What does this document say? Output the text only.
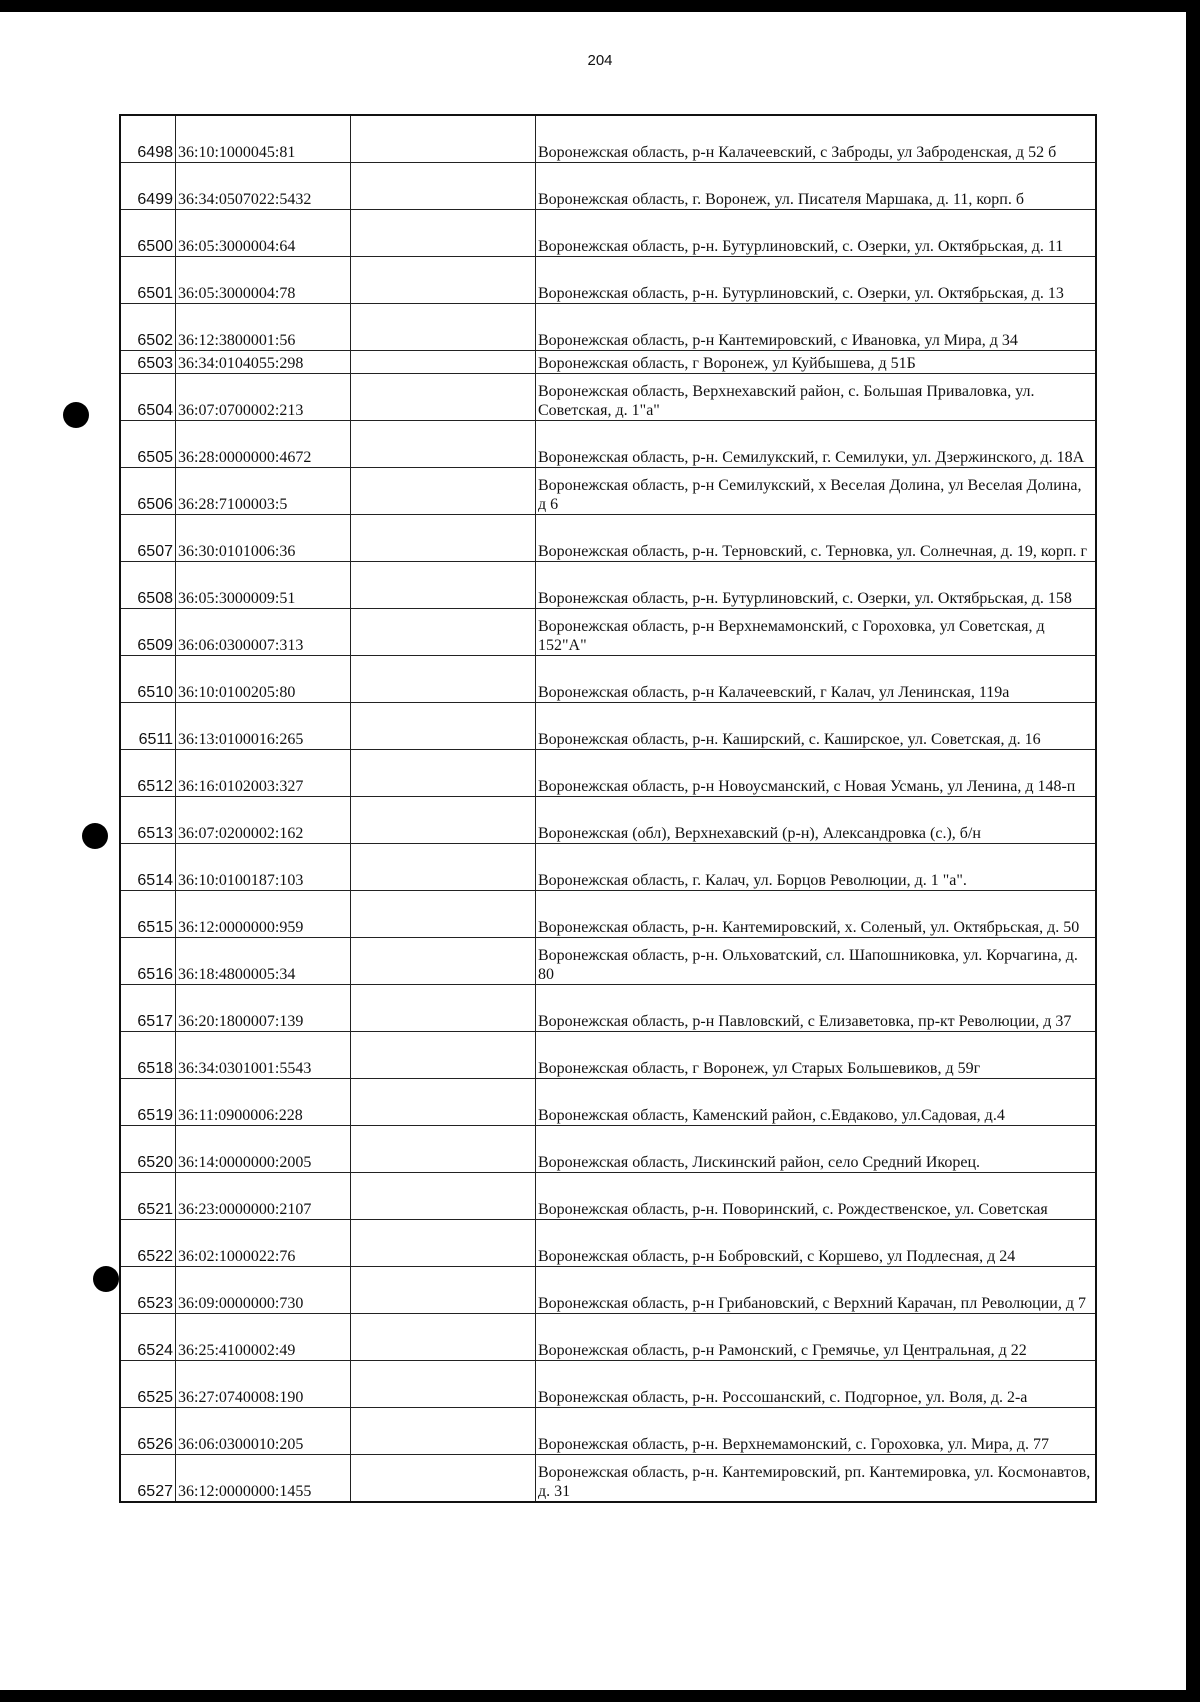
204
6498	36:10:1000045:81		Воронежская область, р-н Калачеевский, с Заброды, ул Заброденская, д 52 б
6499	36:34:0507022:5432		Воронежская область, г. Воронеж, ул. Писателя Маршака, д. 11, корп. б
6500	36:05:3000004:64		Воронежская область, р-н. Бутурлиновский, с. Озерки, ул. Октябрьская, д. 11
6501	36:05:3000004:78		Воронежская область, р-н. Бутурлиновский, с. Озерки, ул. Октябрьская, д. 13
6502	36:12:3800001:56		Воронежская область, р-н Кантемировский, с Ивановка, ул Мира, д 34
6503	36:34:0104055:298		Воронежская область, г Воронеж, ул Куйбышева, д 51Б
6504	36:07:0700002:213		Воронежская область, Верхнехавский район, с. Большая Приваловка, ул. Советская, д. 1"а"
6505	36:28:0000000:4672		Воронежская область, р-н. Семилукский, г. Семилуки, ул. Дзержинского, д. 18А
6506	36:28:7100003:5		Воронежская область, р-н Семилукский, х Веселая Долина, ул Веселая Долина, д 6
6507	36:30:0101006:36		Воронежская область, р-н. Терновский, с. Терновка, ул. Солнечная, д. 19, корп. г
6508	36:05:3000009:51		Воронежская область, р-н. Бутурлиновский, с. Озерки, ул. Октябрьская, д. 158
6509	36:06:0300007:313		Воронежская область, р-н Верхнемамонский, с Гороховка, ул Советская, д 152"А"
6510	36:10:0100205:80		Воронежская область, р-н Калачеевский, г Калач, ул Ленинская, 119а
6511	36:13:0100016:265		Воронежская область, р-н. Каширский, с. Каширское, ул. Советская, д. 16
6512	36:16:0102003:327		Воронежская область, р-н Новоусманский, с Новая Усмань, ул Ленина, д 148-п
6513	36:07:0200002:162		Воронежская (обл), Верхнехавский (р-н), Александровка (с.), б/н
6514	36:10:0100187:103		Воронежская область, г. Калач, ул. Борцов Революции, д. 1 "а".
6515	36:12:0000000:959		Воронежская область, р-н. Кантемировский, х. Соленый, ул. Октябрьская, д. 50
6516	36:18:4800005:34		Воронежская область, р-н. Ольховатский, сл. Шапошниковка, ул. Корчагина, д. 80
6517	36:20:1800007:139		Воронежская область, р-н Павловский, с Елизаветовка, пр-кт Революции, д 37
6518	36:34:0301001:5543		Воронежская область, г Воронеж, ул Старых Большевиков, д 59г
6519	36:11:0900006:228		Воронежская область, Каменский район, с.Евдаково, ул.Садовая, д.4
6520	36:14:0000000:2005		Воронежская область, Лискинский район, село Средний Икорец.
6521	36:23:0000000:2107		Воронежская область, р-н. Поворинский, с. Рождественское, ул. Советская
6522	36:02:1000022:76		Воронежская область, р-н Бобровский, с Коршево, ул Подлесная, д 24
6523	36:09:0000000:730		Воронежская область, р-н Грибановский, с Верхний Карачан, пл Революции, д 7
6524	36:25:4100002:49		Воронежская область, р-н Рамонский, с Гремячье, ул Центральная, д 22
6525	36:27:0740008:190		Воронежская область, р-н. Россошанский, с. Подгорное, ул. Воля, д. 2-а
6526	36:06:0300010:205		Воронежская область, р-н. Верхнемамонский, с. Гороховка, ул. Мира, д. 77
6527	36:12:0000000:1455		Воронежская область, р-н. Кантемировский, рп. Кантемировка, ул. Космонавтов, д. 31
